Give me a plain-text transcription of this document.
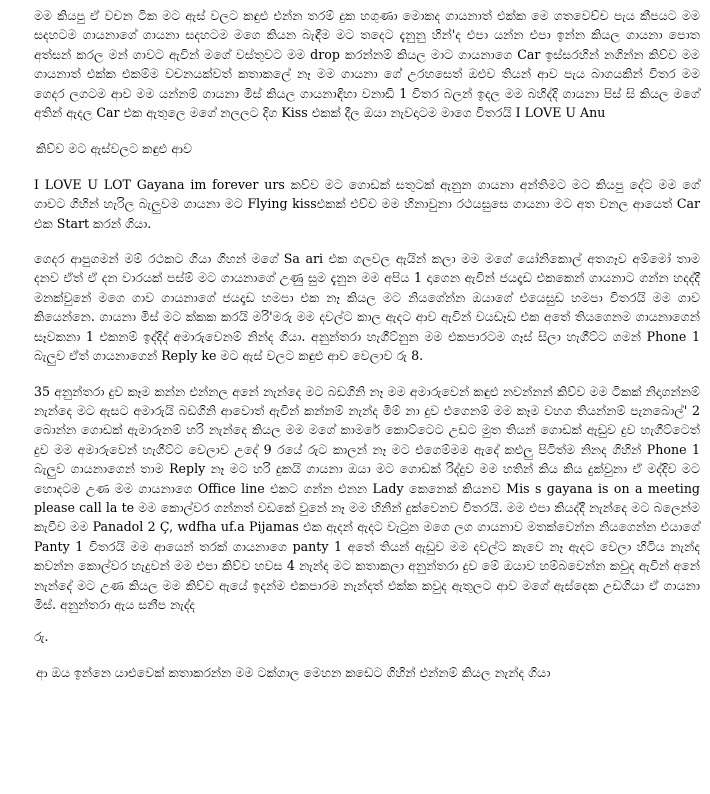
මම කියපු ඒ වචන ටික මට ඇස් වලට කඳුළු එන්න තරම් දුක හගුණා මොකද ගායනාත් එක්ක මෙ ගතවෙච්ච පැය කීපයට මම සදහටම ගායනාගේ ගායනා සදහටම මගෙ කියන බැඳීම මට තදෙට දැනුනු හින්'ද එපා යන්න එපා ඉන්න කියල ගායනා පොත අත්සන් කරල මන් ගාවට ඇවින් මගේ වස්තුවට මම drop කරන්නම් කියල මාට ගායනාගෙ Car ඉස්සරහින් නගින්න කිව්ව මම ගායනාත් එක්ක එකම්ම වචනයක්වත් කතාකලේ නෑ මම ගායනා ගේ උරහසෙත් ඔළුව තියන් ආව පැය බාගයකින් විතර මම ගෙදර ලගටම ආව මම යන්නම් ගායනා මිස් කියල ගායනාඳිහා වනාඩි 1 විතර බලන් ඉදල මම බහිද්දි ගායනා පිස් සි කියල මගේ අතින් ඇදල Car එක ඇතුලෙ මගේ නලලට දිග Kiss එකක් දීල ඔයා නැවදාටම මාගෙ විතරයි I LOVE U Anu

කිව්ව මට ඇස්වලට කඳුළු ආව

I LOVE U LOT Gayana im forever urs කව්ව මට ගොඩක් සතුටක් ඇනුන ගායනා අන්තිමට මට කියපු දේට මම ගේ ගාවට ගිහින් හැරිල බැලුවම ගායනා මට Flying kissඑකක් එව්ව මම හිනාවුනා රථයසුසෙ ගායනා මට අත වනල ආයෙත් Car එක Start කරන් ගියා.

ගෙදර ආපුගමන් මම් රථකට ගියා ගිහන් මගේ Sa ari එක ගලවල ඇයින් කලා මම මගේ යෝනිකොල් අතගෑව අම්මෝ තාම දනව ඒත් ඒ දන වාරයක් පස්ම් මට ගායනාගේ උණු සුම දැනුන මම අපිය 1 දාගෙන ඇවින් ජයදෑඩ එකකෙන් ගායනාට ගන්න හදද්දී මනක්වුනේ මගෙ ගාව ගායනාගේ ජයදෑඩ හමපා එක නෑ කියල මට නියගේන්න ඔයාගේ එයෙසුඩ හමපා විතරයි මම ගාව කියෙන්නෙ. ගායනා මිස් මට ක්කක කරයි මරි'මරු මම දවල්ට කාල ඇදට ආව ඇවින් වයඩෑඩ එක අතේ තියගෙනම ගායනාගෙන් සෑවකනා 1 එකනම් ඉද්දිද් අමාරුවෙනම් නින්ද ගියා. අනුන්තරා හැගීට්නුන මම එකපාරටම ගෑස් සිලා හැගීට්ට ගමන් Phone 1 බැලුව ඒත් ගායනාගෙන් Reply ke මට ඇස් වලට කඳුළු ආව වෙලාව රු 8.

35 අනුන්තරා දුව කෑම කන්න එන්නල අනේ නැන්දෙ මට බඩගිනි නෑ මම අමාරුවෙන් කඳුළු නවන්නන් කිව්ව මම ටිකක් නිදාගන්නම් නැන්දෙ මට ඇසට අමාරුයි බඩගිනි ආවොත් ඇවින් කන්නම් නැන්ද මිම් නා දුව එගෙනම් මම කෑම වහග තියන්නම් පැනබොල්' 2 බොන්න ගොඩක් ඇමාරුනම් හරි නැන්දෙ කියල මම මගේ කාමරේ කොට්ටෙට උඩට මුත තියන් ගොඩක් ඇඩුව දුව හැගීට්ටෙත් දුව මම අමාරුවෙන් හැගීට්ට වෙලාව උදේ 9 රයේ රුට කාලන් නෑ මට එගෙම්මම ඇදේ කළුලු පිටිත්ම නිනද ගිහින් Phone 1 බැලුව ගායනාගෙන් තාම Reply නෑ මට හරි දුකයි ගායනා ඔයා මට ගොඩක් රිද්දුව මම හතින් කිය කිය දුක්වුනා ඒ මද්දිව මට හොදටම උණ මම ගායනාගෙ Office line එකට ගන්න එනන Lady කෙනෙක් කියනව Mis s gayana is on a meeting please call la te මම කොල්වර ගන්නත් වඩකේ වුනේ නෑ මම හිනින් දුක්වෙනව විතරයි. මම එපා කියද්දී නැන්දෙ මට බලෙන්ම කැවීව මම Panadol 2 Ç, wdfha uf.a Pijamas එක ඇදන් ඇදට වැටුන මගෙ ලග ගායනාව මතක්වෙන්න නියගෙන්න එයාගේ Panty 1 විතරයි මම ආයෙන් තරක් ගායනාගෙ panty 1 අතේ තියන් ඇඩුව මම දවල්ට කැවෙ නෑ ඇදට වෙලා හිටිය නැන්ද කවන්න කොල්වර හැදුවන් මම එපා කිව්ව හවස 4 නැන්ද මට කතාකලා අනුන්තරා දුව මේ ඔයාව හම්බවෙන්න කවුද ඇවින් අනේ නැන්දේ මට උණ කියල මම කිව්ව ඇයේ ඉදන්ම එකපාරම නැන්දත් එක්ක කවුද ඇතුලට ආව මගේ ඇස්දෙක උඩගියා ඒ ගායනා මිස්. අනුන්තරා ඇය සනීප නැද්ද

රු.

ආ ඔය ඉන්නෙ යාඑවෙක් කතාකරන්න මම ටක්ගාල මෙහන කඩෙට ගිහින් එන්නම් කියල නැන්ද ගියා
